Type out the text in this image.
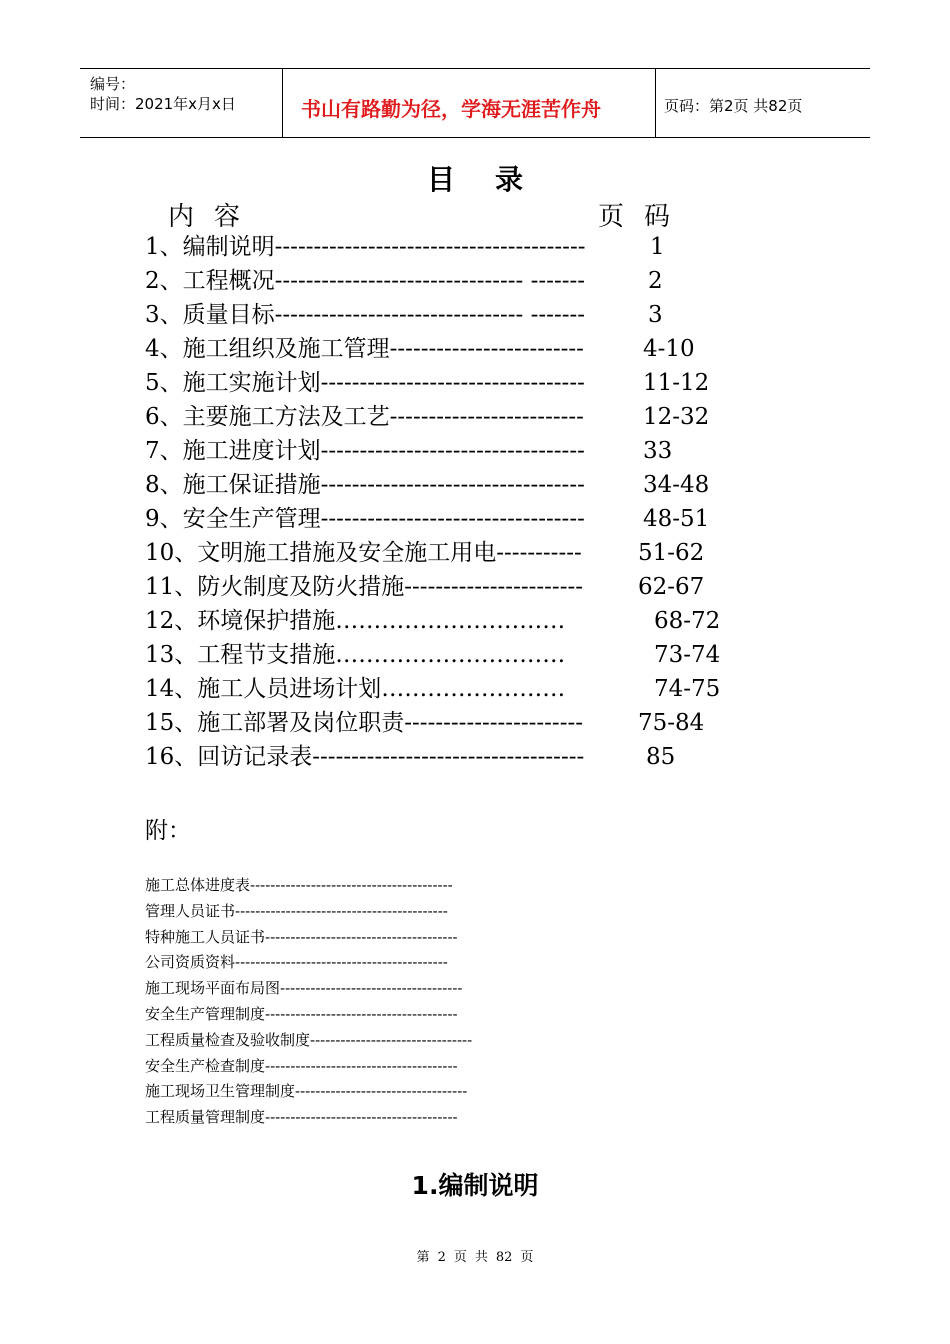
编号：
时间：2021年x月x日	书山有路勤为径，学海无涯苦作舟	页码：第2页 共82页
目录
内容	页码
1、编制说明----------------------------------------	1
2、工程概况-------------------------------- -------	2
3、质量目标-------------------------------- -------	3
4、施工组织及施工管理-------------------------	4-10
5、施工实施计划----------------------------------	11-12
6、主要施工方法及工艺-------------------------	12-32
7、施工进度计划----------------------------------	33
8、施工保证措施----------------------------------	34-48
9、安全生产管理----------------------------------	48-51
10、文明施工措施及安全施工用电----------- 51-62
11、防火制度及防火措施----------------------- 62-67
12、环境保护措施…………………………	68-72
13、工程节支措施…………………………	73-74
14、施工人员进场计划……………………	74-75
15、施工部署及岗位职责----------------------- 75-84
16、回访记录表-----------------------------------	85
附：
施工总体进度表----------------------------------------
管理人员证书------------------------------------------
特种施工人员证书--------------------------------------
公司资质资料------------------------------------------
施工现场平面布局图------------------------------------
安全生产管理制度--------------------------------------
工程质量检查及验收制度--------------------------------
安全生产检查制度--------------------------------------
施工现场卫生管理制度----------------------------------
工程质量管理制度--------------------------------------
1.编制说明
第 2 页 共 82 页
